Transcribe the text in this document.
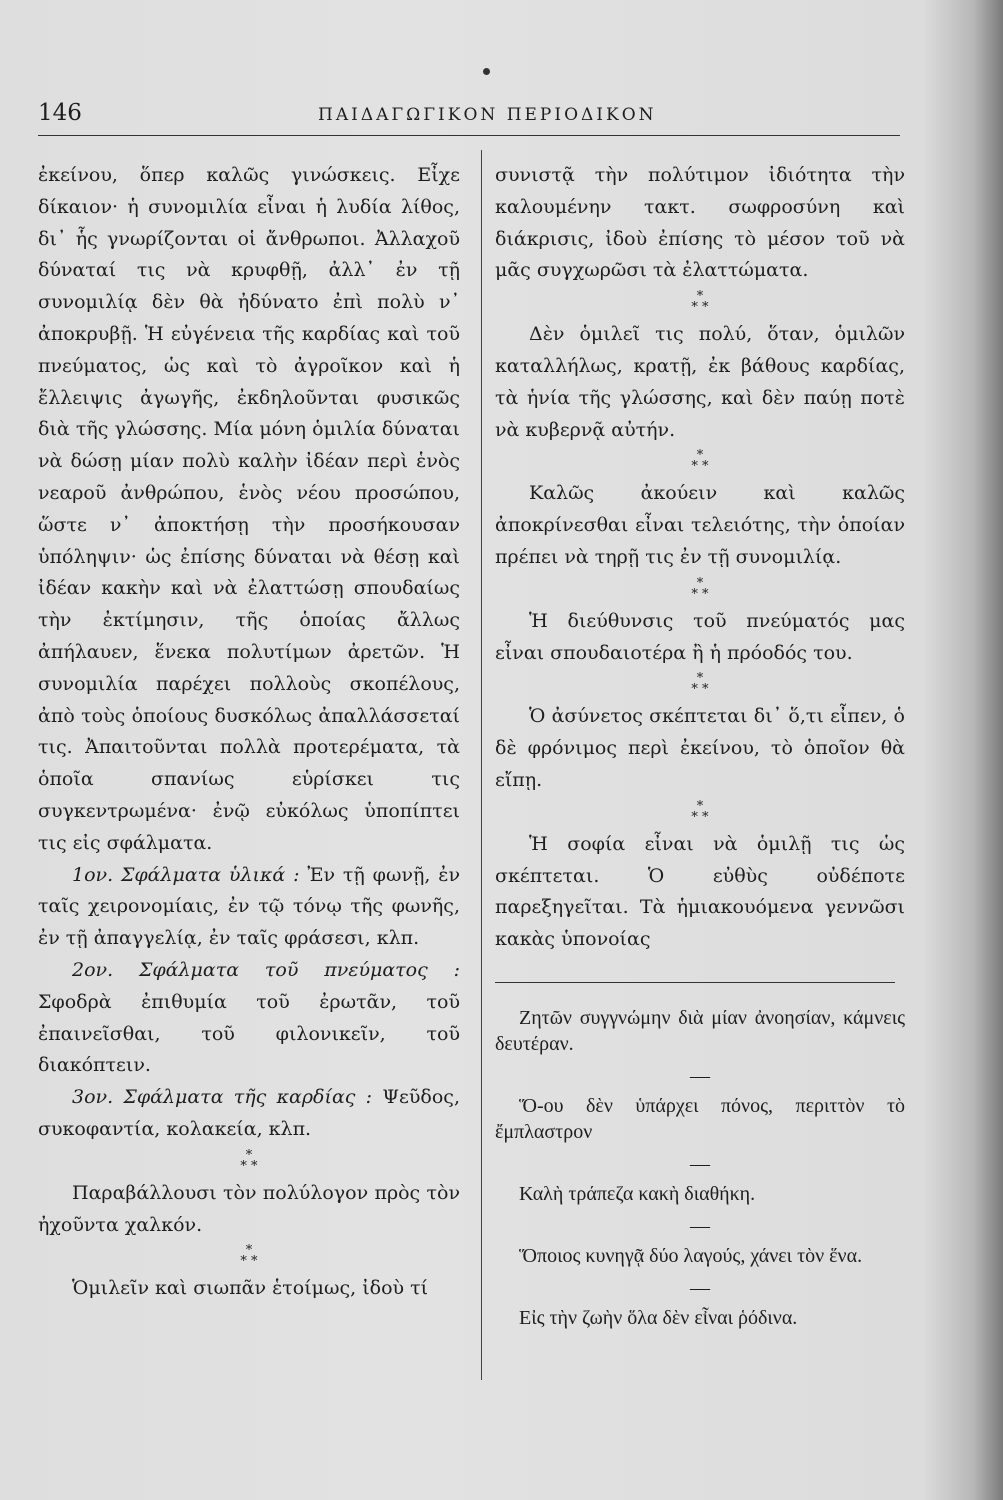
146	ΠΑΙΔΑΓΩΓΙΚΟΝ ΠΕΡΙΟΔΙΚΟΝ

ἐκείνου, ὅπερ καλῶς γινώσκεις. Εἶχε δίκαιον· ἡ συνομιλία εἶναι ἡ λυδία λίθος, δι᾽ ἧς γνωρίζονται οἱ ἄνθρωποι. Ἀλλαχοῦ δύναταί τις νὰ κρυφθῇ, ἀλλ᾽ ἐν τῇ συνομιλίᾳ δὲν θὰ ἠδύνατο ἐπὶ πολὺ ν᾽ ἀποκρυβῇ. Ἡ εὐγένεια τῆς καρδίας καὶ τοῦ πνεύματος, ὡς καὶ τὸ ἀγροῖκον καὶ ἡ ἔλλειψις ἀγωγῆς, ἐκδηλοῦνται φυσικῶς διὰ τῆς γλώσσης. Μία μόνη ὁμιλία δύναται νὰ δώσῃ μίαν πολὺ καλὴν ἰδέαν περὶ ἑνὸς νεαροῦ ἀνθρώπου, ἑνὸς νέου προσώπου, ὥστε ν᾽ ἀποκτήσῃ τὴν προσήκουσαν ὑπόληψιν· ὡς ἐπίσης δύναται νὰ θέσῃ καὶ ἰδέαν κακὴν καὶ νὰ ἐλαττώσῃ σπουδαίως τὴν ἐκτίμησιν, τῆς ὁποίας ἄλλως ἀπήλαυεν, ἕνεκα πολυτίμων ἀρετῶν. Ἡ συνομιλία παρέχει πολλοὺς σκοπέλους, ἀπὸ τοὺς ὁποίους δυσκόλως ἀπαλλάσσεταί τις. Ἀπαιτοῦνται πολλὰ προτερέματα, τὰ ὁποῖα σπανίως εὑρίσκει τις συγκεντρωμένα· ἐνῷ εὐκόλως ὑποπίπτει τις εἰς σφάλματα.

1ον. Σφάλματα ὑλικά : Ἐν τῇ φωνῇ, ἐν ταῖς χειρονομίαις, ἐν τῷ τόνῳ τῆς φωνῆς, ἐν τῇ ἀπαγγελίᾳ, ἐν ταῖς φράσεσι, κλπ.

2ον. Σφάλματα τοῦ πνεύματος : Σφοδρὰ ἐπιθυμία τοῦ ἐρωτᾶν, τοῦ ἐπαινεῖσθαι, τοῦ φιλονικεῖν, τοῦ διακόπτειν.

3ον. Σφάλματα τῆς καρδίας : Ψεῦδος, συκοφαντία, κολακεία, κλπ.

*
* *

Παραβάλλουσι τὸν πολύλογον πρὸς τὸν ἠχοῦντα χαλκόν.

*
* *

Ὁμιλεῖν καὶ σιωπᾶν ἑτοίμως, ἰδοὺ τί

συνιστᾷ τὴν πολύτιμον ἰδιότητα τὴν καλουμένην τακτ. σωφροσύνη καὶ διάκρισις, ἰδοὺ ἐπίσης τὸ μέσον τοῦ νὰ μᾶς συγχωρῶσι τὰ ἐλαττώματα.

*
* *

Δὲν ὁμιλεῖ τις πολύ, ὅταν, ὁμιλῶν καταλλήλως, κρατῇ, ἐκ βάθους καρδίας, τὰ ἡνία τῆς γλώσσης, καὶ δὲν παύῃ ποτὲ νὰ κυβερνᾷ αὐτήν.

*
* *

Καλῶς ἀκούειν καὶ καλῶς ἀποκρίνεσθαι εἶναι τελειότης, τὴν ὁποίαν πρέπει νὰ τηρῇ τις ἐν τῇ συνομιλίᾳ.

*
* *

Ἡ διεύθυνσις τοῦ πνεύματός μας εἶναι σπουδαιοτέρα ἢ ἡ πρόοδός του.

*
* *

Ὁ ἀσύνετος σκέπτεται δι᾽ ὅ,τι εἶπεν, ὁ δὲ φρόνιμος περὶ ἐκείνου, τὸ ὁποῖον θὰ εἴπῃ.

*
* *

Ἡ σοφία εἶναι νὰ ὁμιλῇ τις ὡς σκέπτεται. Ὁ εὐθὺς οὐδέποτε παρεξηγεῖται. Τὰ ἡμιακουόμενα γεννῶσι κακὰς ὑπονοίας

Ζητῶν συγγνώμην διὰ μίαν ἀνοησίαν, κάμνεις δευτέραν.

—

Ὅ-ου δὲν ὑπάρχει πόνος, περιττὸν τὸ ἔμπλαστρον

—

Καλὴ τράπεζα κακὴ διαθήκη.

—

Ὅποιος κυνηγᾷ δύο λαγούς, χάνει τὸν ἕνα.

—

Εἰς τὴν ζωὴν ὅλα δὲν εἶναι ῥόδινα.
